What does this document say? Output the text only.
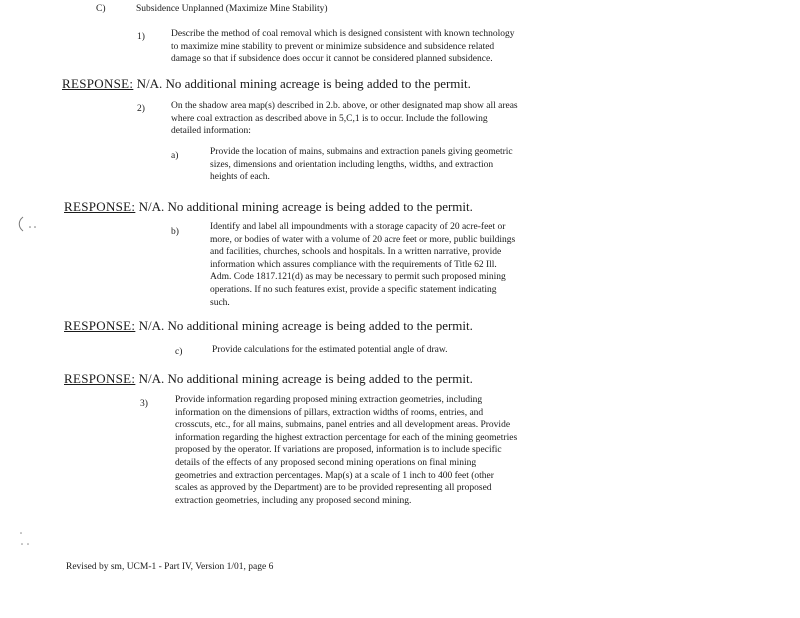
C)	Subsidence Unplanned (Maximize Mine Stability)
1)	Describe the method of coal removal which is designed consistent with known technology
to maximize mine stability to prevent or minimize subsidence and subsidence related
damage so that if subsidence does occur it cannot be considered planned subsidence.
RESPONSE: N/A. No additional mining acreage is being added to the permit.
2)	On the shadow area map(s) described in 2.b. above, or other designated map show all areas
where coal extraction as described above in 5,C,1 is to occur. Include the following
detailed information:
a)	Provide the location of mains, submains and extraction panels giving geometric
sizes, dimensions and orientation including lengths, widths, and extraction
heights of each.
RESPONSE: N/A. No additional mining acreage is being added to the permit.
b)	Identify and label all impoundments with a storage capacity of 20 acre-feet or
more, or bodies of water with a volume of 20 acre feet or more, public buildings
and facilities, churches, schools and hospitals. In a written narrative, provide
information which assures compliance with the requirements of Title 62 Ill.
Adm. Code 1817.121(d) as may be necessary to permit such proposed mining
operations. If no such features exist, provide a specific statement indicating
such.
RESPONSE: N/A. No additional mining acreage is being added to the permit.
c)	Provide calculations for the estimated potential angle of draw.
RESPONSE: N/A. No additional mining acreage is being added to the permit.
3)	Provide information regarding proposed mining extraction geometries, including
information on the dimensions of pillars, extraction widths of rooms, entries, and
crosscuts, etc., for all mains, submains, panel entries and all development areas. Provide
information regarding the highest extraction percentage for each of the mining geometries
proposed by the operator. If variations are proposed, information is to include specific
details of the effects of any proposed second mining operations on final mining
geometries and extraction percentages. Map(s) at a scale of 1 inch to 400 feet (other
scales as approved by the Department) are to be provided representing all proposed
extraction geometries, including any proposed second mining.
Revised by sm, UCM-1 - Part IV, Version 1/01, page 6
